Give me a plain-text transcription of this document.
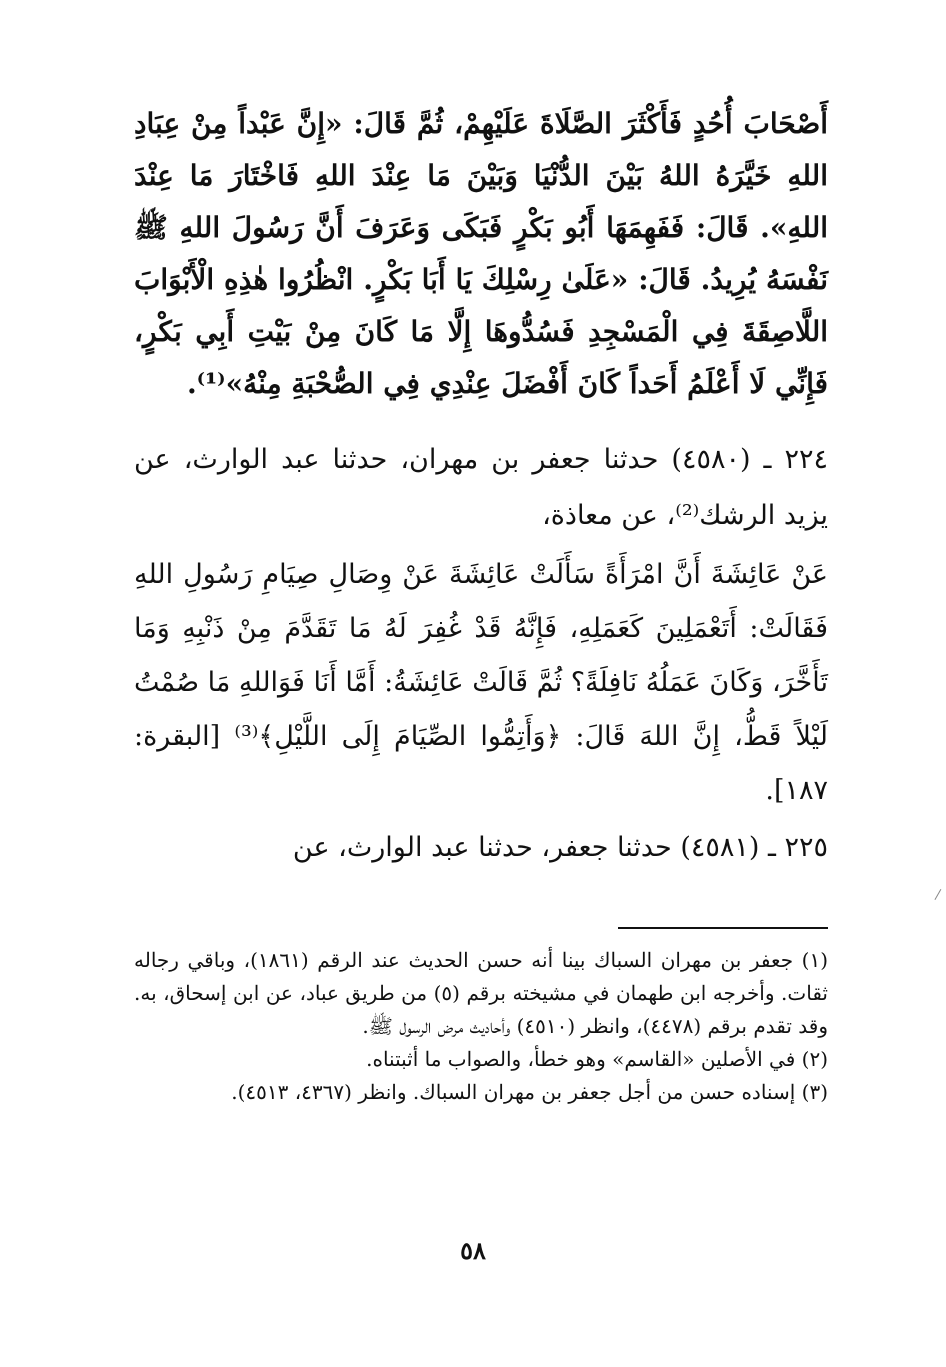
أَصْحَابَ أُحُدٍ فَأَكْثَرَ الصَّلَاةَ عَلَيْهِمْ، ثُمَّ قَالَ: «إِنَّ عَبْداً مِنْ عِبَادِ اللهِ خَيَّرَهُ اللهُ بَيْنَ الدُّنْيَا وَبَيْنَ مَا عِنْدَ اللهِ فَاخْتَارَ مَا عِنْدَ اللهِ». قَالَ: فَفَهِمَهَا أَبُو بَكْرٍ فَبَكَى وَعَرَفَ أَنَّ رَسُولَ اللهِ ﷺ نَفْسَهُ يُرِيدُ. قَالَ: «عَلَىٰ رِسْلِكَ يَا أَبَا بَكْرٍ. انْظُرُوا هٰذِهِ الْأَبْوَابَ اللَّاصِقَةَ فِي الْمَسْجِدِ فَسُدُّوهَا إِلَّا مَا كَانَ مِنْ بَيْتِ أَبِي بَكْرٍ، فَإِنِّي لَا أَعْلَمُ أَحَداً كَانَ أَفْضَلَ عِنْدِي فِي الصُّحْبَةِ مِنْهُ»⁽¹⁾.

٢٢٤ ـ (٤٥٨٠) حدثنا جعفر بن مهران، حدثنا عبد الوارث، عن يزيد الرشك⁽²⁾، عن معاذة،

عَنْ عَائِشَةَ أَنَّ امْرَأَةً سَأَلَتْ عَائِشَةَ عَنْ وِصَالِ صِيَامِ رَسُولِ اللهِ فَقَالَتْ: أَتَعْمَلِينَ كَعَمَلِهِ، فَإِنَّهُ قَدْ غُفِرَ لَهُ مَا تَقَدَّمَ مِنْ ذَنْبِهِ وَمَا تَأَخَّرَ، وَكَانَ عَمَلُهُ نَافِلَةً؟ ثُمَّ قَالَتْ عَائِشَةُ: أَمَّا أَنَا فَوَاللهِ مَا صُمْتُ لَيْلاً قَطُّ، إِنَّ اللهَ قَالَ: ﴿وَأَتِمُّوا الصِّيَامَ إِلَى اللَّيْلِ﴾⁽³⁾ [البقرة: ١٨٧].

٢٢٥ ـ (٤٥٨١) حدثنا جعفر، حدثنا عبد الوارث، عن

(١) جعفر بن مهران السباك بينا أنه حسن الحديث عند الرقم (١٨٦١)، وباقي رجاله ثقات. وأخرجه ابن طهمان في مشيخته برقم (٥) من طريق عباد، عن ابن إسحاق، به. وقد تقدم برقم (٤٤٧٨)، وانظر (٤٥١٠) وأحاديث مرض الرسول ﷺ.

(٢) في الأصلين «القاسم» وهو خطأ، والصواب ما أثبتناه.

(٣) إسناده حسن من أجل جعفر بن مهران السباك. وانظر (٤٣٦٧، ٤٥١٣).

٥٨
